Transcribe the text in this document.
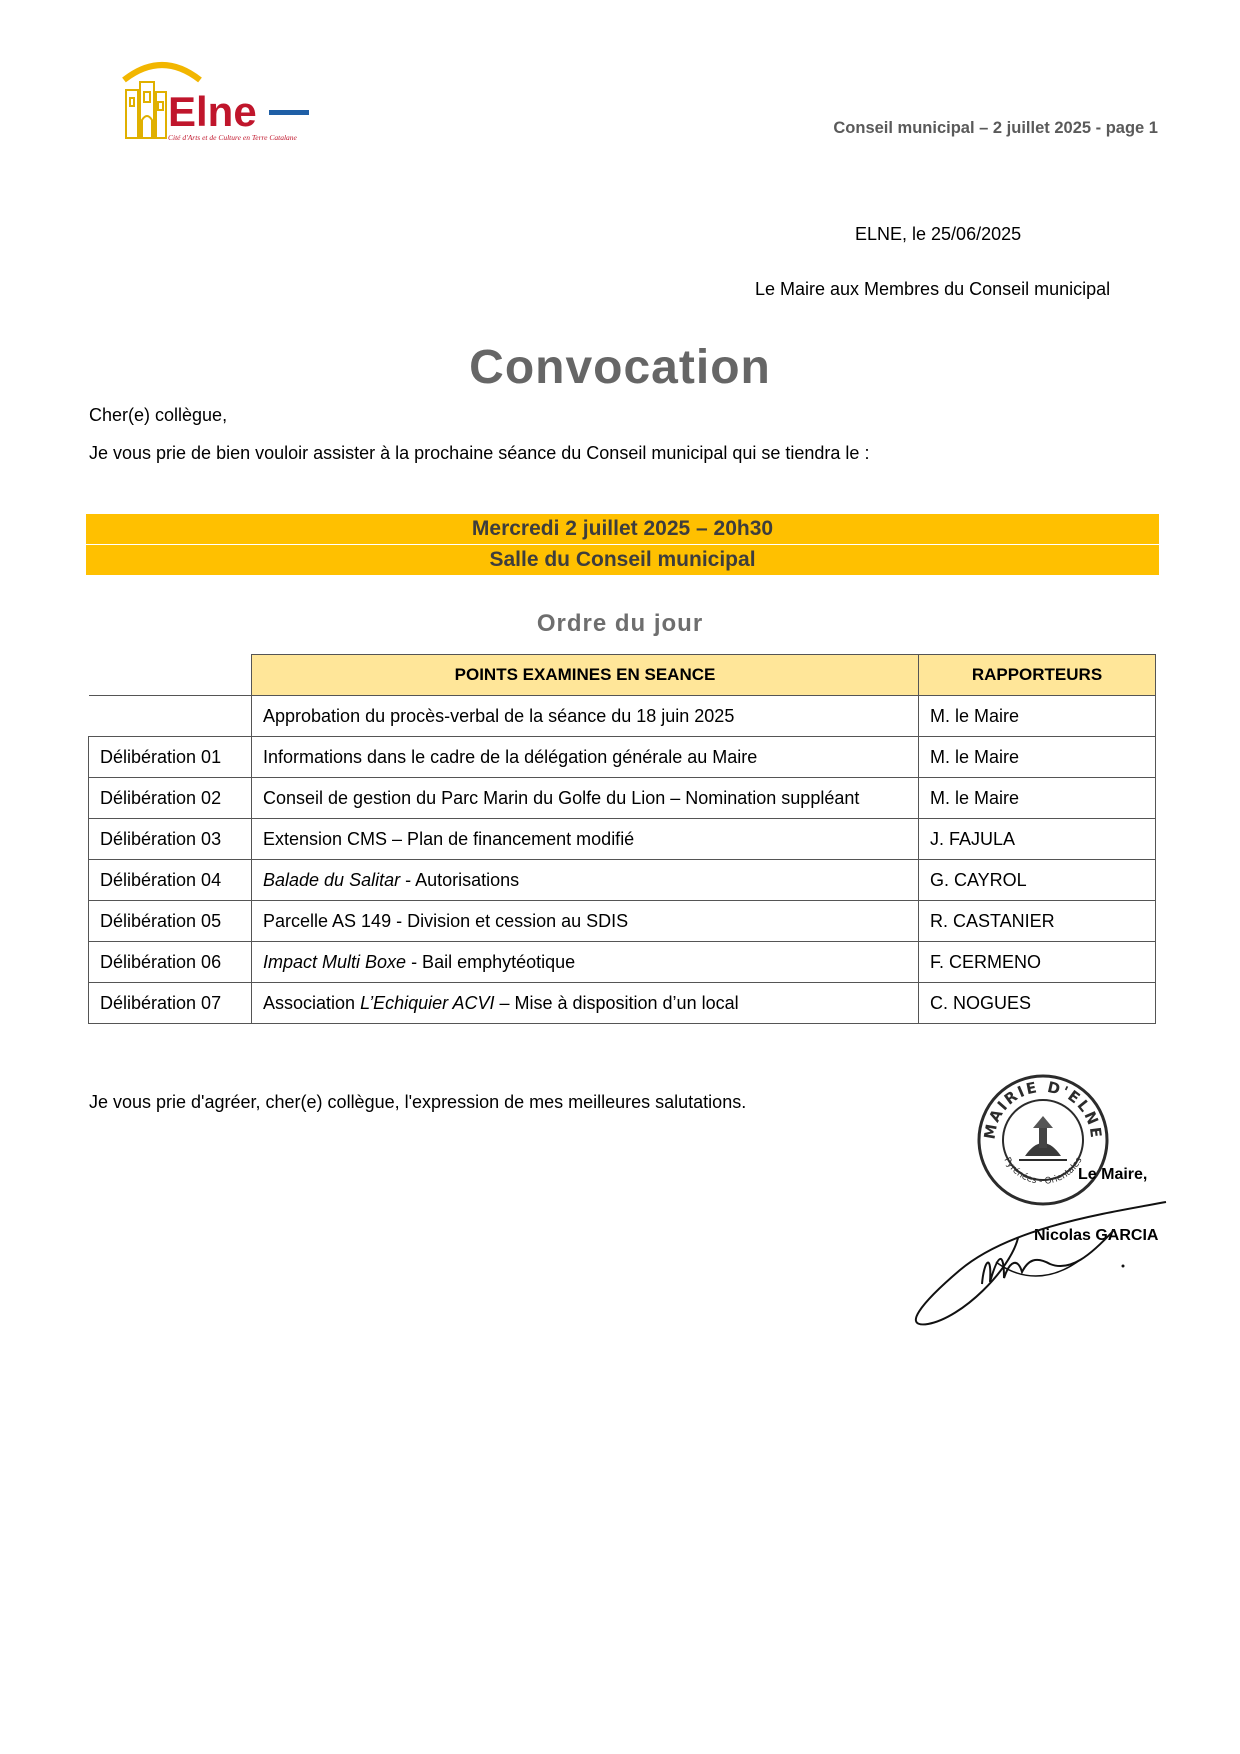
Elne
Cité d'Arts et de Culture en Terre Catalane
Conseil municipal – 2 juillet 2025 - page 1
ELNE, le 25/06/2025
Le Maire aux Membres du Conseil municipal
Convocation
Cher(e) collègue,
Je vous prie de bien vouloir assister à la prochaine séance du Conseil municipal qui se tiendra le :
Mercredi 2 juillet 2025 – 20h30
Salle du Conseil municipal
Ordre du jour
	POINTS EXAMINES EN SEANCE	RAPPORTEURS
	Approbation du procès-verbal de la séance du 18 juin 2025	M. le Maire
Délibération 01	Informations dans le cadre de la délégation générale au Maire	M. le Maire
Délibération 02	Conseil de gestion du Parc Marin du Golfe du Lion – Nomination suppléant	M. le Maire
Délibération 03	Extension CMS – Plan de financement modifié	J. FAJULA
Délibération 04	Balade du Salitar - Autorisations	G. CAYROL
Délibération 05	Parcelle AS 149 - Division et cession au SDIS	R. CASTANIER
Délibération 06	Impact Multi Boxe - Bail emphytéotique	F. CERMENO
Délibération 07	Association L’Echiquier ACVI – Mise à disposition d’un local	C. NOGUES
Je vous prie d'agréer, cher(e) collègue, l'expression de mes meilleures salutations.
MAIRIE D'ELNE
Pyrénées - Orientales
Le Maire,
Nicolas GARCIA
